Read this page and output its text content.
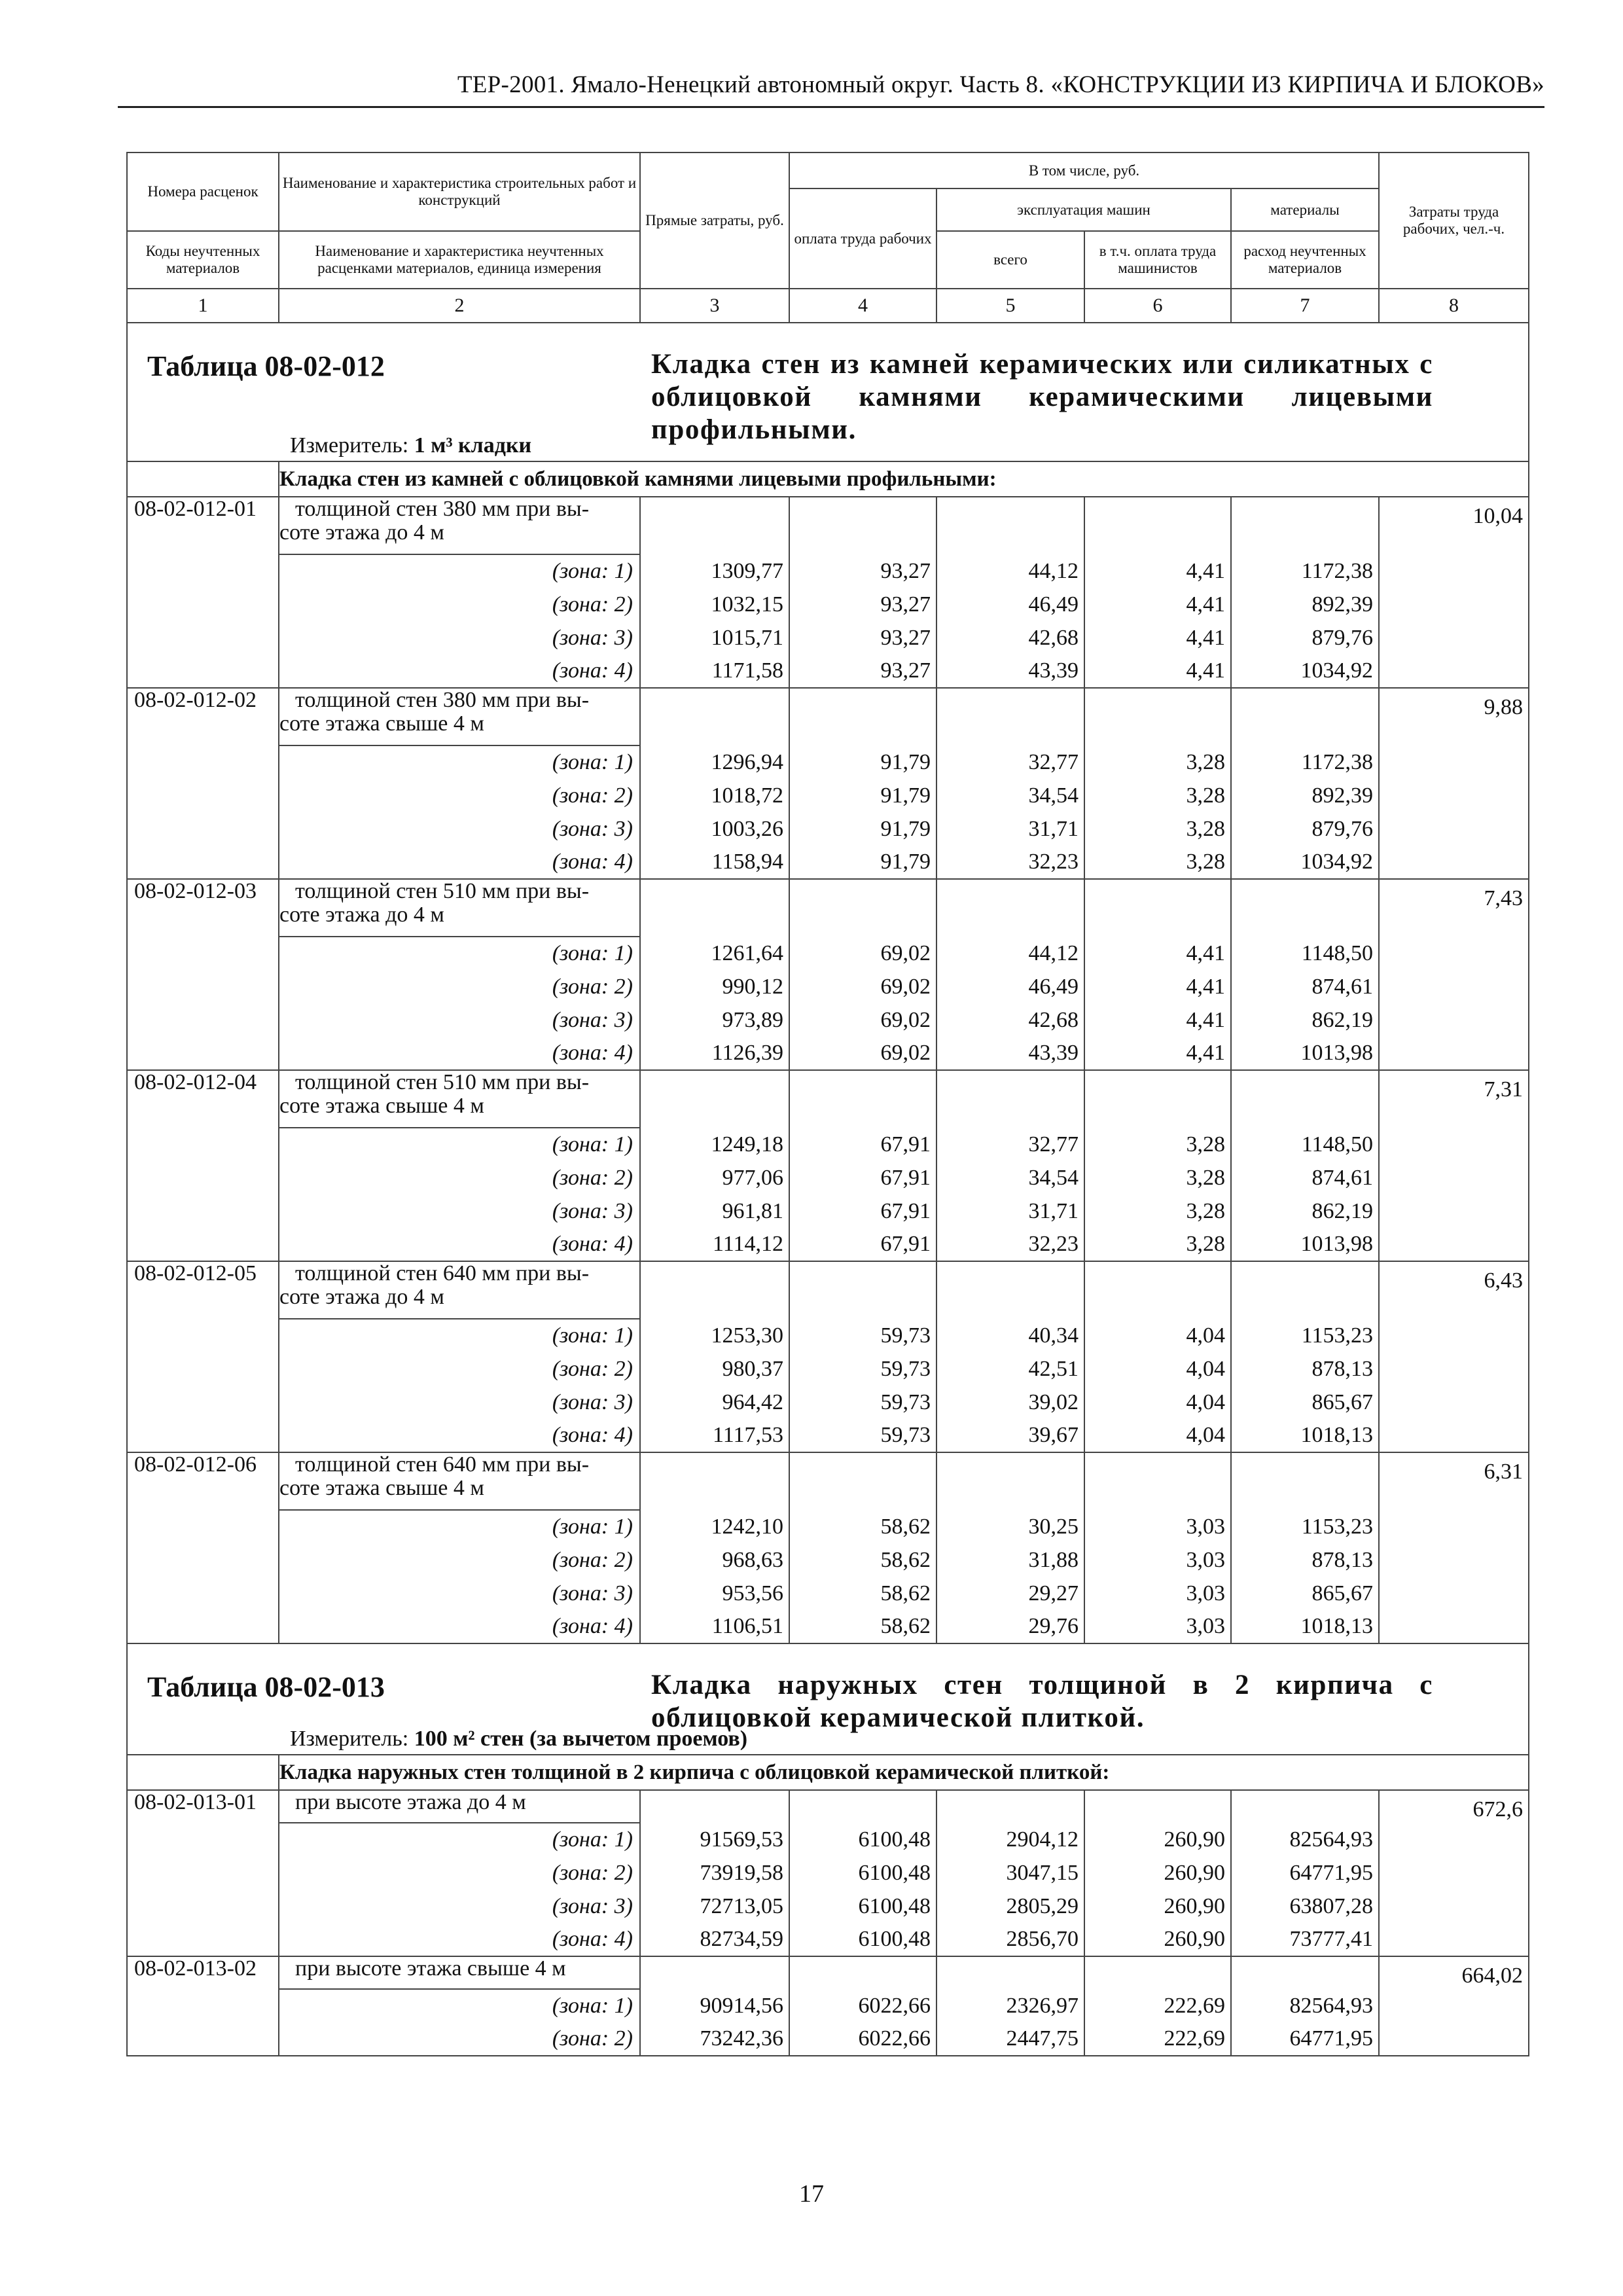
ТЕР-2001. Ямало-Ненецкий автономный округ. Часть 8. «КОНСТРУКЦИИ ИЗ КИРПИЧА И БЛОКОВ»
Номера расценок	Наименование и характеристика строительных работ и конструкций	Прямые затраты, руб.	В том числе, руб.				Затраты труда рабочих, чел.-ч.
			оплата труда рабочих	эксплуатация машин		материалы	
Коды неучтенных материалов	Наименование и характеристика неучтенных расценками материалов, единица измерения			всего	в т.ч. оплата труда машинистов	расход неучтенных материалов	
1	2	3	4	5	6	7	8

Таблица 08-02-012 Кладка стен из камней керамических или силикатных с облицовкой камнями керамическими лицевыми профильными.
Измеритель: 1 м³ кладки							

	Кладка стен из камней с облицовкой камнями лицевыми профильными:						
08-02-012-01	толщиной стен 380 мм при вы-
соте этажа до 4 м						10,04
	(зона: 1)	1309,77	93,27	44,12	4,41	1172,38	
	(зона: 2)	1032,15	93,27	46,49	4,41	892,39	
	(зона: 3)	1015,71	93,27	42,68	4,41	879,76	
	(зона: 4)	1171,58	93,27	43,39	4,41	1034,92	
08-02-012-02	толщиной стен 380 мм при вы-
соте этажа свыше 4 м						9,88
	(зона: 1)	1296,94	91,79	32,77	3,28	1172,38	
	(зона: 2)	1018,72	91,79	34,54	3,28	892,39	
	(зона: 3)	1003,26	91,79	31,71	3,28	879,76	
	(зона: 4)	1158,94	91,79	32,23	3,28	1034,92	
08-02-012-03	толщиной стен 510 мм при вы-
соте этажа до 4 м						7,43
	(зона: 1)	1261,64	69,02	44,12	4,41	1148,50	
	(зона: 2)	990,12	69,02	46,49	4,41	874,61	
	(зона: 3)	973,89	69,02	42,68	4,41	862,19	
	(зона: 4)	1126,39	69,02	43,39	4,41	1013,98	
08-02-012-04	толщиной стен 510 мм при вы-
соте этажа свыше 4 м						7,31
	(зона: 1)	1249,18	67,91	32,77	3,28	1148,50	
	(зона: 2)	977,06	67,91	34,54	3,28	874,61	
	(зона: 3)	961,81	67,91	31,71	3,28	862,19	
	(зона: 4)	1114,12	67,91	32,23	3,28	1013,98	
08-02-012-05	толщиной стен 640 мм при вы-
соте этажа до 4 м						6,43
	(зона: 1)	1253,30	59,73	40,34	4,04	1153,23	
	(зона: 2)	980,37	59,73	42,51	4,04	878,13	
	(зона: 3)	964,42	59,73	39,02	4,04	865,67	
	(зона: 4)	1117,53	59,73	39,67	4,04	1018,13	
08-02-012-06	толщиной стен 640 мм при вы-
соте этажа свыше 4 м						6,31
	(зона: 1)	1242,10	58,62	30,25	3,03	1153,23	
	(зона: 2)	968,63	58,62	31,88	3,03	878,13	
	(зона: 3)	953,56	58,62	29,27	3,03	865,67	
	(зона: 4)	1106,51	58,62	29,76	3,03	1018,13	

Таблица 08-02-013 Кладка наружных стен толщиной в 2 кирпича с облицовкой керамической плиткой.
Измеритель: 100 м² стен (за вычетом проемов)							

	Кладка наружных стен толщиной в 2 кирпича с облицовкой керамической плиткой:						
08-02-013-01	при высоте этажа до 4 м						672,6
	(зона: 1)	91569,53	6100,48	2904,12	260,90	82564,93	
	(зона: 2)	73919,58	6100,48	3047,15	260,90	64771,95	
	(зона: 3)	72713,05	6100,48	2805,29	260,90	63807,28	
	(зона: 4)	82734,59	6100,48	2856,70	260,90	73777,41	
08-02-013-02	при высоте этажа свыше 4 м						664,02
	(зона: 1)	90914,56	6022,66	2326,97	222,69	82564,93	
	(зона: 2)	73242,36	6022,66	2447,75	222,69	64771,95	
17
